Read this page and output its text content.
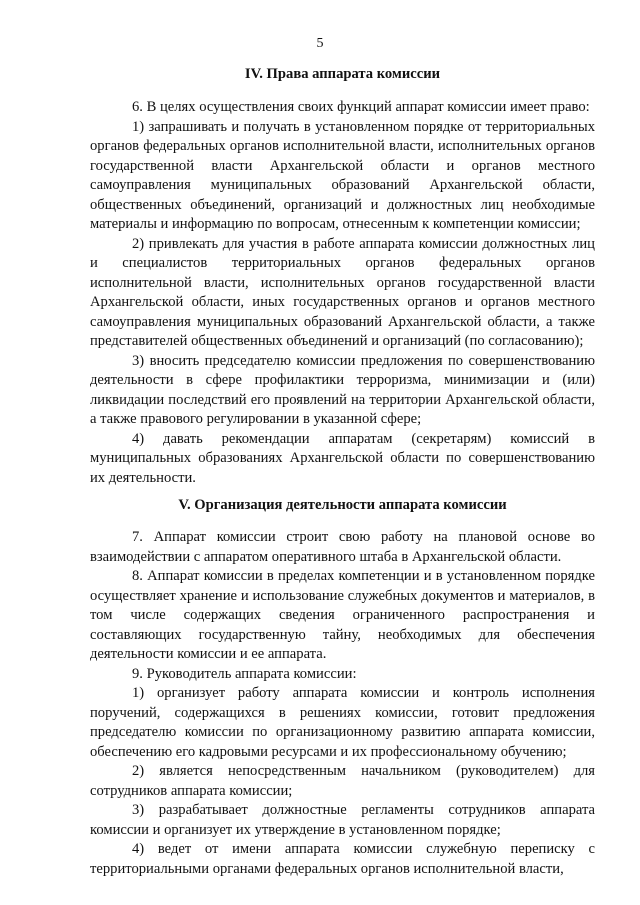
5
IV. Права аппарата комиссии

6. В целях осуществления своих функций аппарат комиссии имеет право:

1) запрашивать и получать в установленном порядке от территориальных органов федеральных органов исполнительной власти, исполнительных органов государственной власти Архангельской области и органов местного самоуправления муниципальных образований Архангельской области, общественных объединений, организаций и должностных лиц необходимые материалы и информацию по вопросам, отнесенным к компетенции комиссии;

2) привлекать для участия в работе аппарата комиссии должностных лиц и специалистов территориальных органов федеральных органов исполнительной власти, исполнительных органов государственной власти Архангельской области, иных государственных органов и органов местного самоуправления муниципальных образований Архангельской области, а также представителей общественных объединений и организаций (по согласованию);

3) вносить председателю комиссии предложения по совершенствованию деятельности в сфере профилактики терроризма, минимизации и (или) ликвидации последствий его проявлений на территории Архангельской области, а также правового регулировании в указанной сфере;

4) давать рекомендации аппаратам (секретарям) комиссий в муниципальных образованиях Архангельской области по совершенствованию их деятельности.

V. Организация деятельности аппарата комиссии

7. Аппарат комиссии строит свою работу на плановой основе во взаимодействии с аппаратом оперативного штаба в Архангельской области.

8. Аппарат комиссии в пределах компетенции и в установленном порядке осуществляет хранение и использование служебных документов и материалов, в том числе содержащих сведения ограниченного распространения и составляющих государственную тайну, необходимых для обеспечения деятельности комиссии и ее аппарата.

9. Руководитель аппарата комиссии:

1) организует работу аппарата комиссии и контроль исполнения поручений, содержащихся в решениях комиссии, готовит предложения председателю комиссии по организационному развитию аппарата комиссии, обеспечению его кадровыми ресурсами и их профессиональному обучению;

2) является непосредственным начальником (руководителем) для сотрудников аппарата комиссии;

3) разрабатывает должностные регламенты сотрудников аппарата комиссии и организует их утверждение в установленном порядке;

4) ведет от имени аппарата комиссии служебную переписку с территориальными органами федеральных органов исполнительной власти,
